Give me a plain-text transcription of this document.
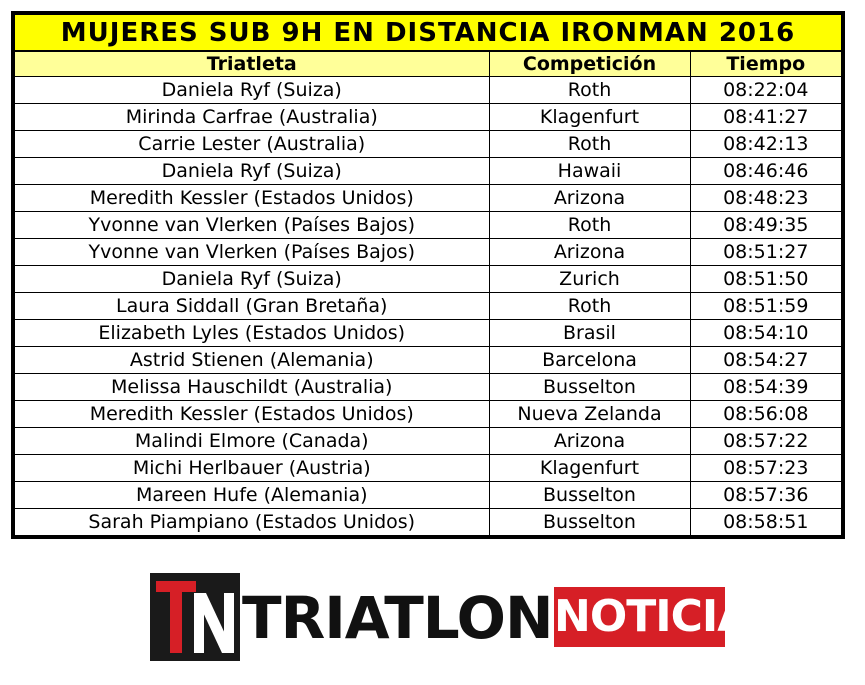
MUJERES SUB 9H EN DISTANCIA IRONMAN 2016
Triatleta	Competición	Tiempo
Daniela Ryf (Suiza)	Roth	08:22:04
Mirinda Carfrae (Australia)	Klagenfurt	08:41:27
Carrie Lester (Australia)	Roth	08:42:13
Daniela Ryf (Suiza)	Hawaii	08:46:46
Meredith Kessler (Estados Unidos)	Arizona	08:48:23
Yvonne van Vlerken (Países Bajos)	Roth	08:49:35
Yvonne van Vlerken (Países Bajos)	Arizona	08:51:27
Daniela Ryf (Suiza)	Zurich	08:51:50
Laura Siddall (Gran Bretaña)	Roth	08:51:59
Elizabeth Lyles (Estados Unidos)	Brasil	08:54:10
Astrid Stienen (Alemania)	Barcelona	08:54:27
Melissa Hauschildt (Australia)	Busselton	08:54:39
Meredith Kessler (Estados Unidos)	Nueva Zelanda	08:56:08
Malindi Elmore (Canada)	Arizona	08:57:22
Michi Herlbauer (Austria)	Klagenfurt	08:57:23
Mareen Hufe (Alemania)	Busselton	08:57:36
Sarah Piampiano (Estados Unidos)	Busselton	08:58:51
TRIATLON NOTICIAS
